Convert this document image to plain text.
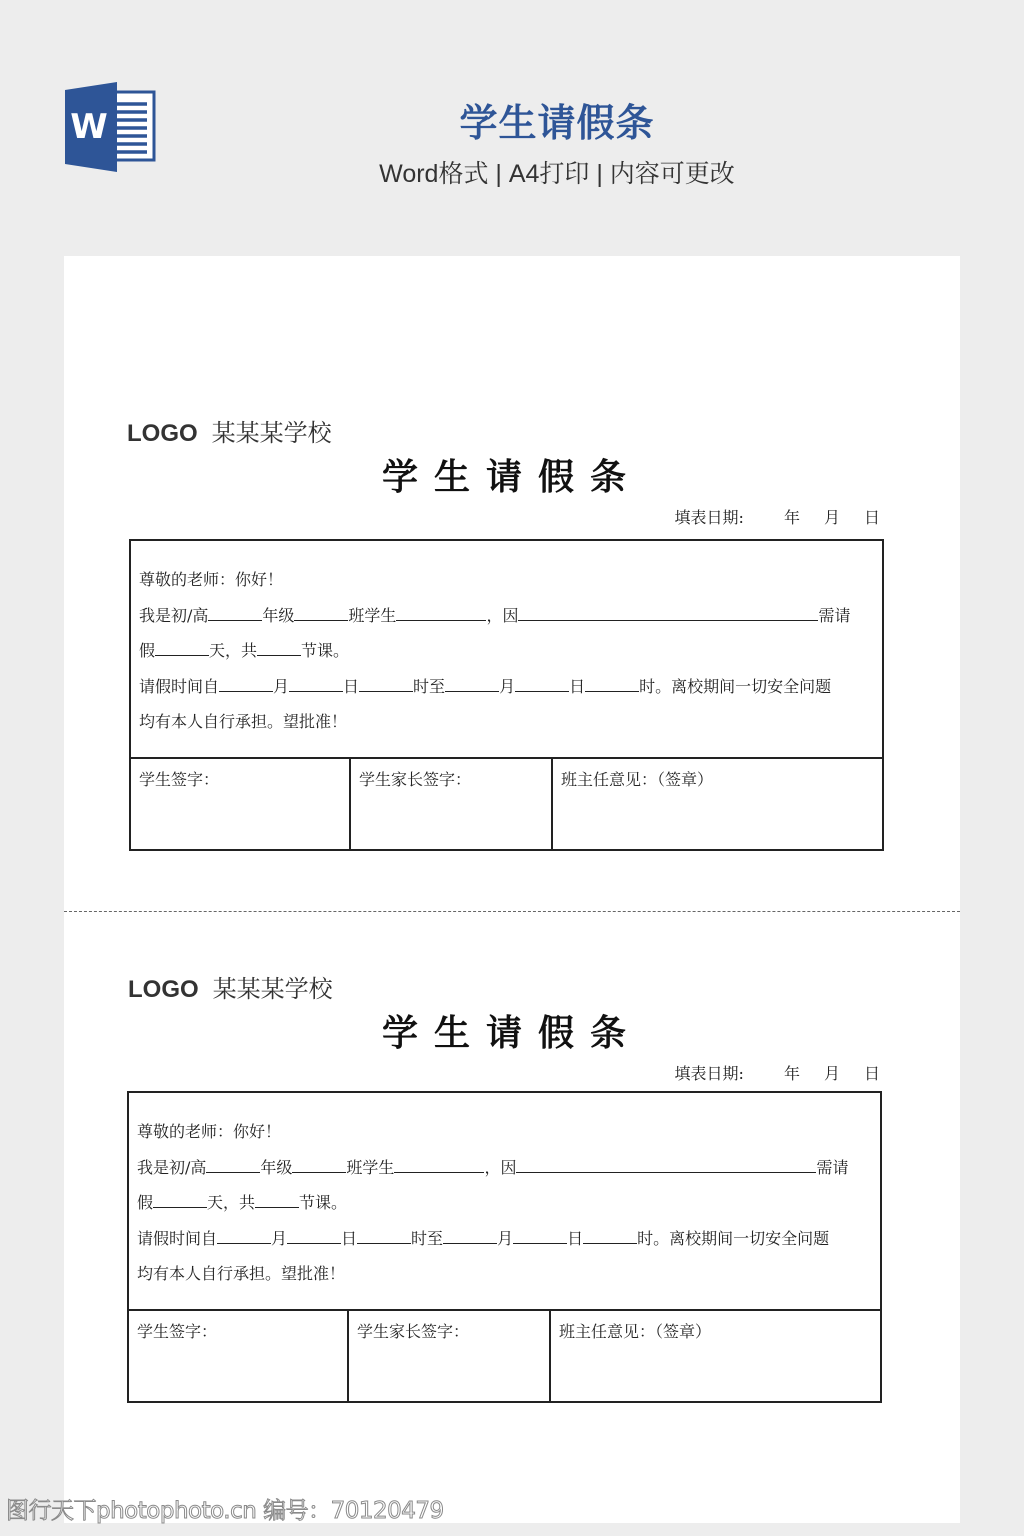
W	学生请假条
Word格式 | A4打印 | 内容可更改
LOGO 某某某学校
学生请假条
填表日期:	年 月 日
尊敬的老师：你好！
我是初/高	年级	班学生	，因	需请
假	天，共	节课。
请假时间自	月	日	时至	月	日	时。离校期间一切安全问题
均有本人自行承担。望批准！
学生签字：	学生家长签字：	班主任意见：（签章）
LOGO 某某某学校
学生请假条
填表日期:	年 月 日
尊敬的老师：你好！
我是初/高	年级	班学生	，因	需请
假	天，共	节课。
请假时间自	月	日	时至	月	日	时。离校期间一切安全问题
均有本人自行承担。望批准！
学生签字：	学生家长签字：	班主任意见：（签章）
图行天下photophoto.cn 编号：70120479
